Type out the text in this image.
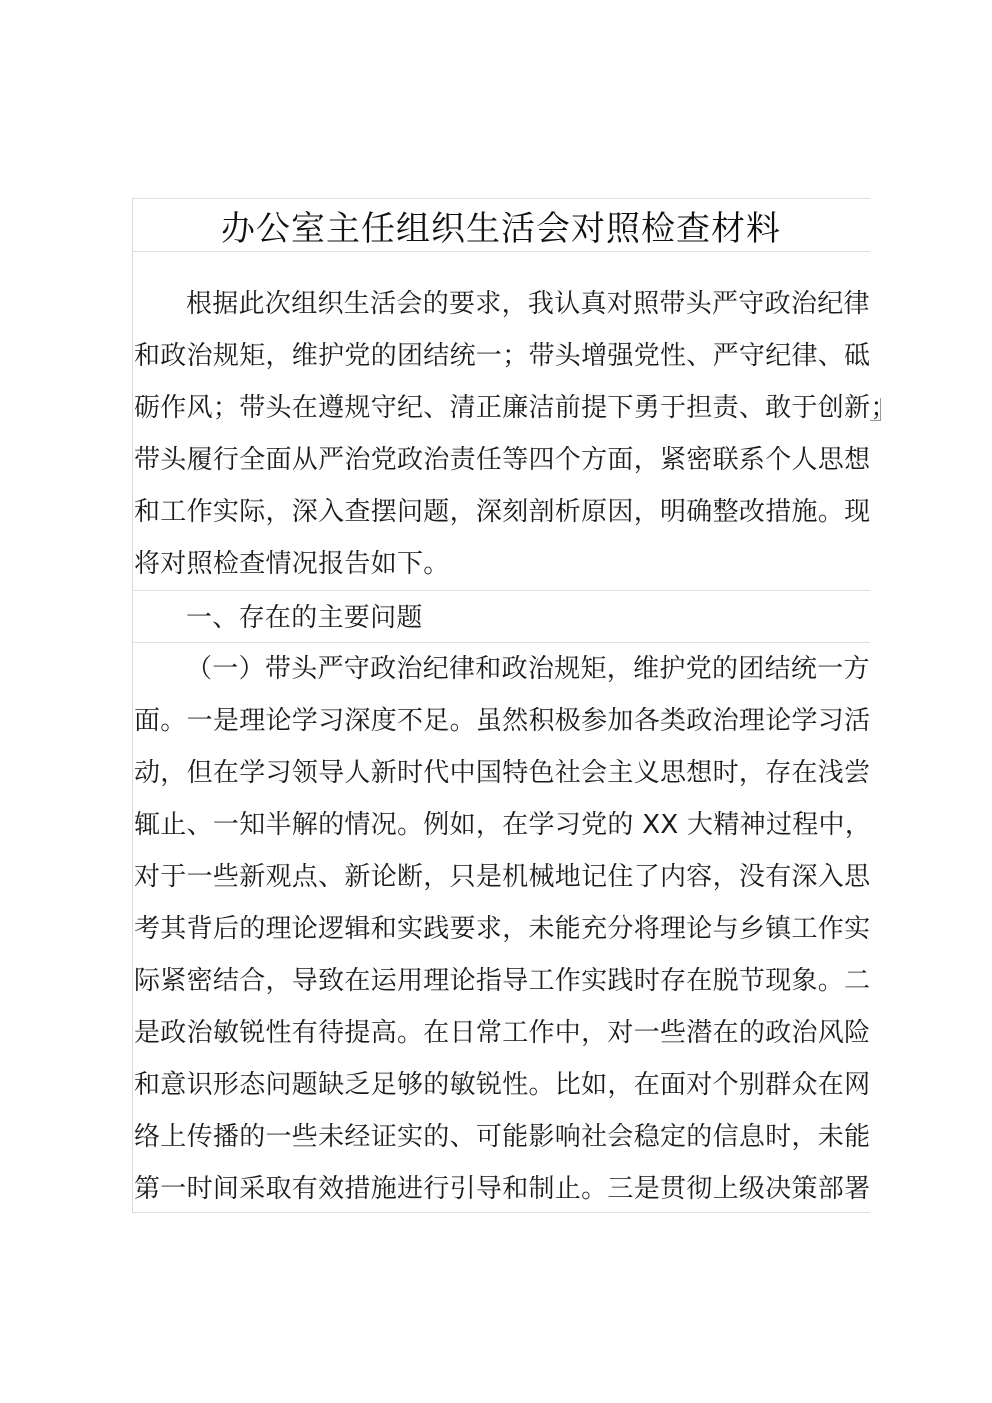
办公室主任组织生活会对照检查材料
根据此次组织生活会的要求，我认真对照带头严守政治纪律
和政治规矩，维护党的团结统一；带头增强党性、严守纪律、砥
砺作风；带头在遵规守纪、清正廉洁前提下勇于担责、敢于创新；
带头履行全面从严治党政治责任等四个方面，紧密联系个人思想
和工作实际，深入查摆问题，深刻剖析原因，明确整改措施。现
将对照检查情况报告如下。
一、存在的主要问题
（一）带头严守政治纪律和政治规矩，维护党的团结统一方
面。一是理论学习深度不足。虽然积极参加各类政治理论学习活
动，但在学习领导人新时代中国特色社会主义思想时，存在浅尝
辄止、一知半解的情况。例如，在学习党的 XX 大精神过程中，
对于一些新观点、新论断，只是机械地记住了内容，没有深入思
考其背后的理论逻辑和实践要求，未能充分将理论与乡镇工作实
际紧密结合，导致在运用理论指导工作实践时存在脱节现象。二
是政治敏锐性有待提高。在日常工作中，对一些潜在的政治风险
和意识形态问题缺乏足够的敏锐性。比如，在面对个别群众在网
络上传播的一些未经证实的、可能影响社会稳定的信息时，未能
第一时间采取有效措施进行引导和制止。三是贯彻上级决策部署
